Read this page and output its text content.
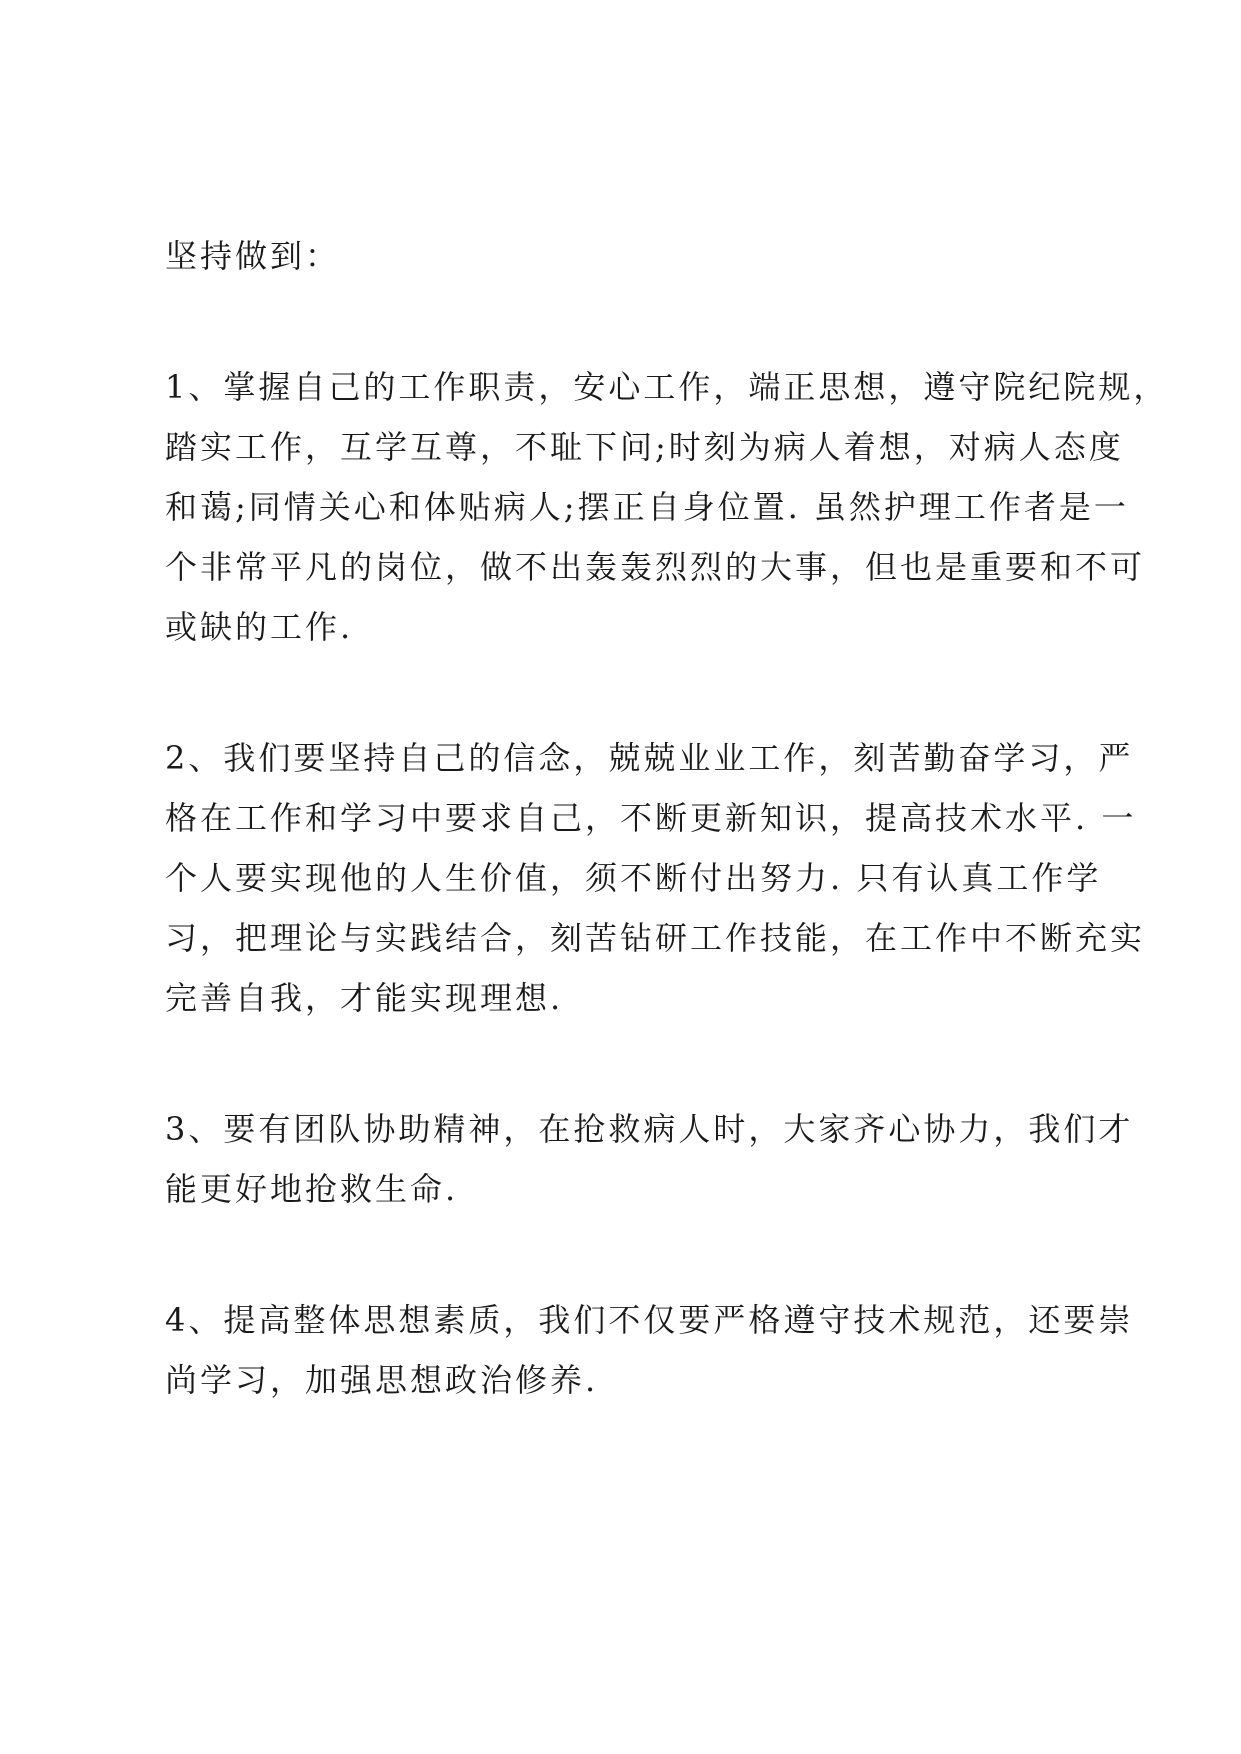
坚持做到：
1、掌握自己的工作职责，安心工作，端正思想，遵守院纪院规，
踏实工作，互学互尊，不耻下问;时刻为病人着想，对病人态度
和蔼;同情关心和体贴病人;摆正自身位置. 虽然护理工作者是一
个非常平凡的岗位，做不出轰轰烈烈的大事，但也是重要和不可
或缺的工作.
2、我们要坚持自己的信念，兢兢业业工作，刻苦勤奋学习，严
格在工作和学习中要求自己，不断更新知识，提高技术水平. 一
个人要实现他的人生价值，须不断付出努力. 只有认真工作学
习，把理论与实践结合，刻苦钻研工作技能，在工作中不断充实
完善自我，才能实现理想.
3、要有团队协助精神，在抢救病人时，大家齐心协力，我们才
能更好地抢救生命.
4、提高整体思想素质，我们不仅要严格遵守技术规范，还要崇
尚学习，加强思想政治修养.
